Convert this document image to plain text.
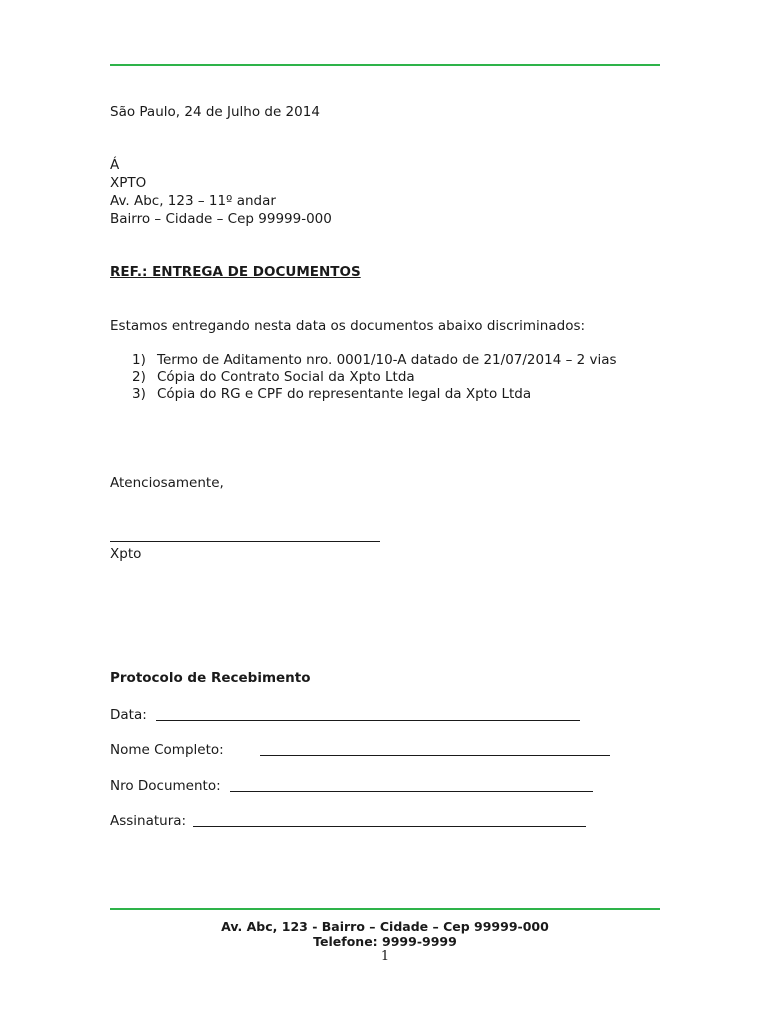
São Paulo, 24 de Julho de 2014
Á
XPTO
Av. Abc, 123 – 11º andar
Bairro – Cidade – Cep 99999-000
REF.: ENTREGA DE DOCUMENTOS
Estamos entregando nesta data os documentos abaixo discriminados:
1) Termo de Aditamento nro. 0001/10-A datado de 21/07/2014 – 2 vias
2) Cópia do Contrato Social da Xpto Ltda
3) Cópia do RG e CPF do representante legal da Xpto Ltda
Atenciosamente,
Xpto
Protocolo de Recebimento
Data:
Nome Completo:
Nro Documento:
Assinatura:
Av. Abc, 123 - Bairro – Cidade – Cep 99999-000
Telefone: 9999-9999
1
